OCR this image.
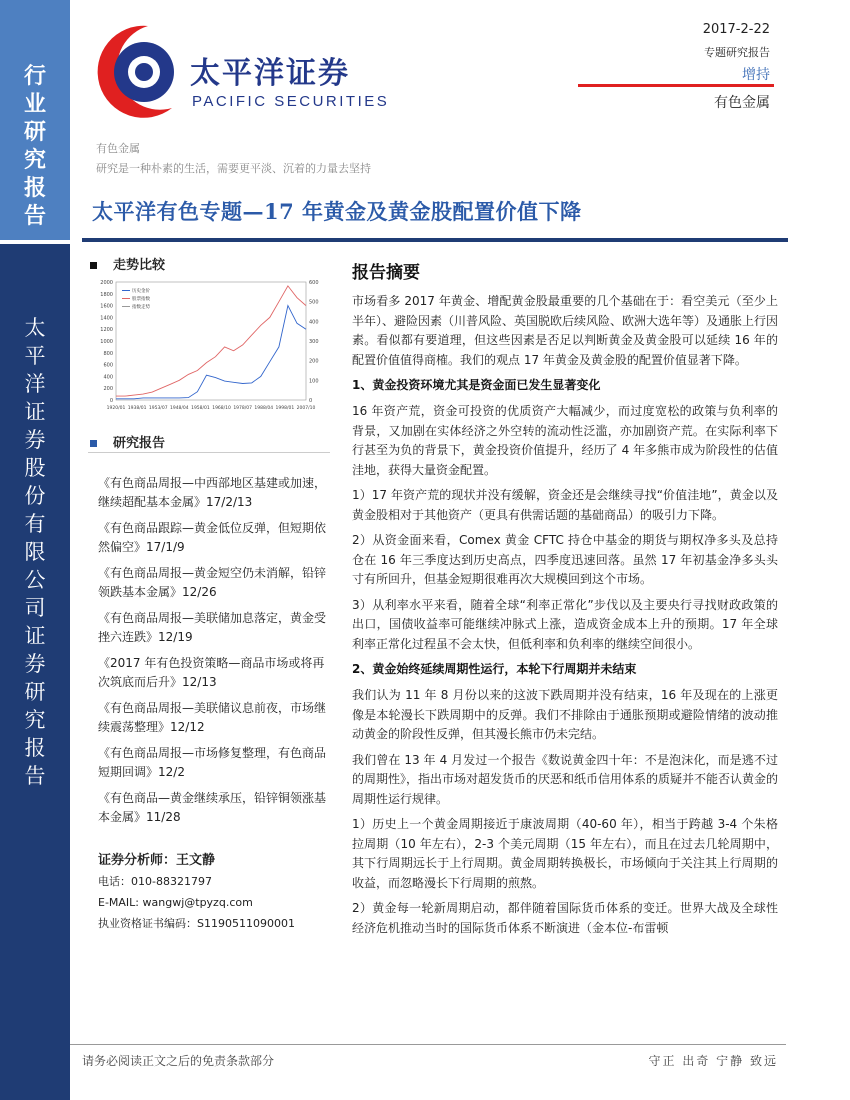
行
业
研
究
报
告
太
平
洋
证
券
股
份
有
限
公
司
证
券
研
究
报
告
太平洋证券
PACIFIC SECURITIES
2017-2-22
专题研究报告
增持
有色金属
有色金属
研究是一种朴素的生活，需要更平淡、沉着的力量去坚持
太平洋有色专题—17 年黄金及黄金股配置价值下降
走势比较
0
200
400
600
800
1000
1200
1400
1600
1800
2000
0
100
200
300
400
500
600
1920/01 1938/01 1953/07 1948/04 1958/01 1968/10 1978/07 1988/04 1998/01 2007/10
历史金价
股票指数
指数走势
研究报告

《有色商品周报—中西部地区基建或加速，继续超配基本金属》17/2/13

《有色商品跟踪—黄金低位反弹，但短期依然偏空》17/1/9

《有色商品周报—黄金短空仍未消解，铅锌领跌基本金属》12/26

《有色商品周报—美联储加息落定，黄金受挫六连跌》12/19

《2017 年有色投资策略—商品市场或将再次筑底而后升》12/13

《有色商品周报—美联储议息前夜，市场继续震荡整理》12/12

《有色商品周报—市场修复整理，有色商品短期回调》12/2

《有色商品—黄金继续承压，铅锌铜领涨基本金属》11/28

证券分析师：王文静
电话：010-88321797
E-MAIL: wangwj@tpyzq.com
执业资格证书编码：S1190511090001
报告摘要

市场看多 2017 年黄金、增配黄金股最重要的几个基础在于：看空美元（至少上半年）、避险因素（川普风险、英国脱欧后续风险、欧洲大选年等）及通胀上行因素。看似都有要道理，但这些因素是否足以判断黄金及黄金股可以延续 16 年的配置价值值得商榷。我们的观点 17 年黄金及黄金股的配置价值显著下降。

1、黄金投资环境尤其是资金面已发生显著变化

16 年资产荒，资金可投资的优质资产大幅减少，而过度宽松的政策与负利率的背景，又加剧在实体经济之外空转的流动性泛滥，亦加剧资产荒。在实际利率下行甚至为负的背景下，黄金投资价值提升，经历了 4 年多熊市成为阶段性的估值洼地，获得大量资金配置。

1）17 年资产荒的现状并没有缓解，资金还是会继续寻找“价值洼地”，黄金以及黄金股相对于其他资产（更具有供需话题的基础商品）的吸引力下降。

2）从资金面来看，Comex 黄金 CFTC 持仓中基金的期货与期权净多头及总持仓在 16 年三季度达到历史高点，四季度迅速回落。虽然 17 年初基金净多头头寸有所回升，但基金短期很难再次大规模回到这个市场。

3）从利率水平来看，随着全球“利率正常化”步伐以及主要央行寻找财政政策的出口，国债收益率可能继续冲脉式上涨，造成资金成本上升的预期。17 年全球利率正常化过程虽不会太快，但低利率和负利率的继续空间很小。

2、黄金始终延续周期性运行，本轮下行周期并未结束

我们认为 11 年 8 月份以来的这波下跌周期并没有结束，16 年及现在的上涨更像是本轮漫长下跌周期中的反弹。我们不排除由于通胀预期或避险情绪的波动推动黄金的阶段性反弹，但其漫长熊市仍未完结。

我们曾在 13 年 4 月发过一个报告《数说黄金四十年：不是泡沫化，而是逃不过的周期性》，指出市场对超发货币的厌恶和纸币信用体系的质疑并不能否认黄金的周期性运行规律。

1）历史上一个黄金周期接近于康波周期（40-60 年），相当于跨越 3-4 个朱格拉周期（10 年左右），2-3 个美元周期（15 年左右），而且在过去几轮周期中，其下行周期远长于上行周期。黄金周期转换极长，市场倾向于关注其上行周期的收益，而忽略漫长下行周期的煎熬。

2）黄金每一轮新周期启动，都伴随着国际货币体系的变迁。世界大战及全球性经济危机推动当时的国际货币体系不断演进（金本位-布雷顿

请务必阅读正文之后的免责条款部分	守正 出奇 宁静 致远
